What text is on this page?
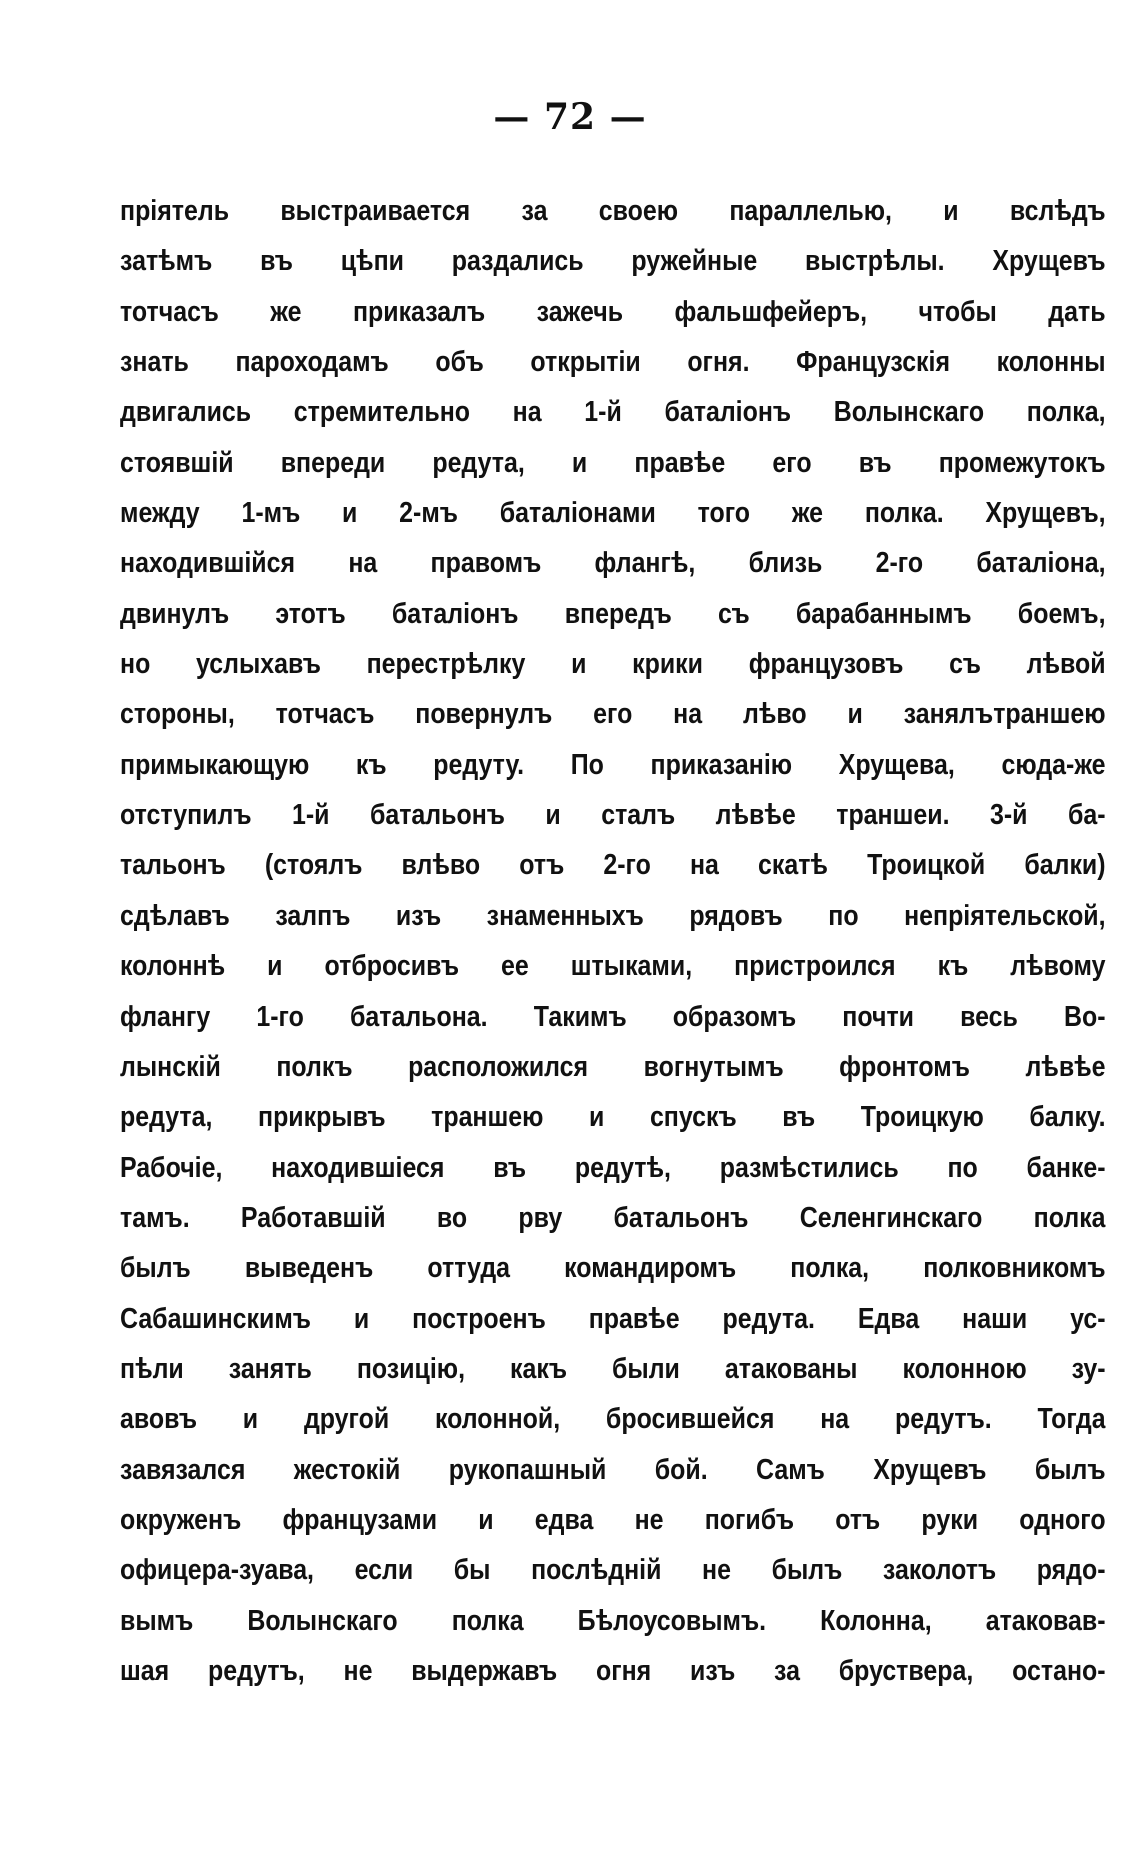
— 72 —
пріятель выстраивается за своею параллелью, и вслѣдъ
затѣмъ въ цѣпи раздались ружейные выстрѣлы. Хрущевъ
тотчасъ же приказалъ зажечь фальшфейеръ, чтобы дать
знать пароходамъ объ открытіи огня. Французскія колонны
двигались стремительно на 1-й баталіонъ Волынскаго полка,
стоявшій впереди редута, и правѣе его въ промежутокъ
между 1-мъ и 2-мъ баталіонами того же полка. Хрущевъ,
находившійся на правомъ флангѣ, близь 2-го баталіона,
двинулъ этотъ баталіонъ впередъ съ барабаннымъ боемъ,
но услыхавъ перестрѣлку и крики французовъ съ лѣвой
стороны, тотчасъ повернулъ его на лѣво и занялътраншею
примыкающую къ редуту. По приказанію Хрущева, сюда-же
отступилъ 1-й батальонъ и сталъ лѣвѣе траншеи. 3-й ба-
тальонъ (стоялъ влѣво отъ 2-го на скатѣ Троицкой балки)
сдѣлавъ залпъ изъ знаменныхъ рядовъ по непріятельской,
колоннѣ и отбросивъ ее штыками, пристроился къ лѣвому
флангу 1-го батальона. Такимъ образомъ почти весь Во-
лынскій полкъ расположился вогнутымъ фронтомъ лѣвѣе
редута, прикрывъ траншею и спускъ въ Троицкую балку.
Рабочіе, находившіеся въ редутѣ, размѣстились по банке-
тамъ. Работавшій во рву батальонъ Селенгинскаго полка
былъ выведенъ оттуда командиромъ полка, полковникомъ
Сабашинскимъ и построенъ правѣе редута. Едва наши ус-
пѣли занять позицію, какъ были атакованы колонною зу-
авовъ и другой колонной, бросившейся на редутъ. Тогда
завязался жестокій рукопашный бой. Самъ Хрущевъ былъ
окруженъ французами и едва не погибъ отъ руки одного
офицера-зуава, если бы послѣдній не былъ заколотъ рядо-
вымъ Волынскаго полка Бѣлоусовымъ. Колонна, атаковав-
шая редутъ, не выдержавъ огня изъ за бруствера, остано-
